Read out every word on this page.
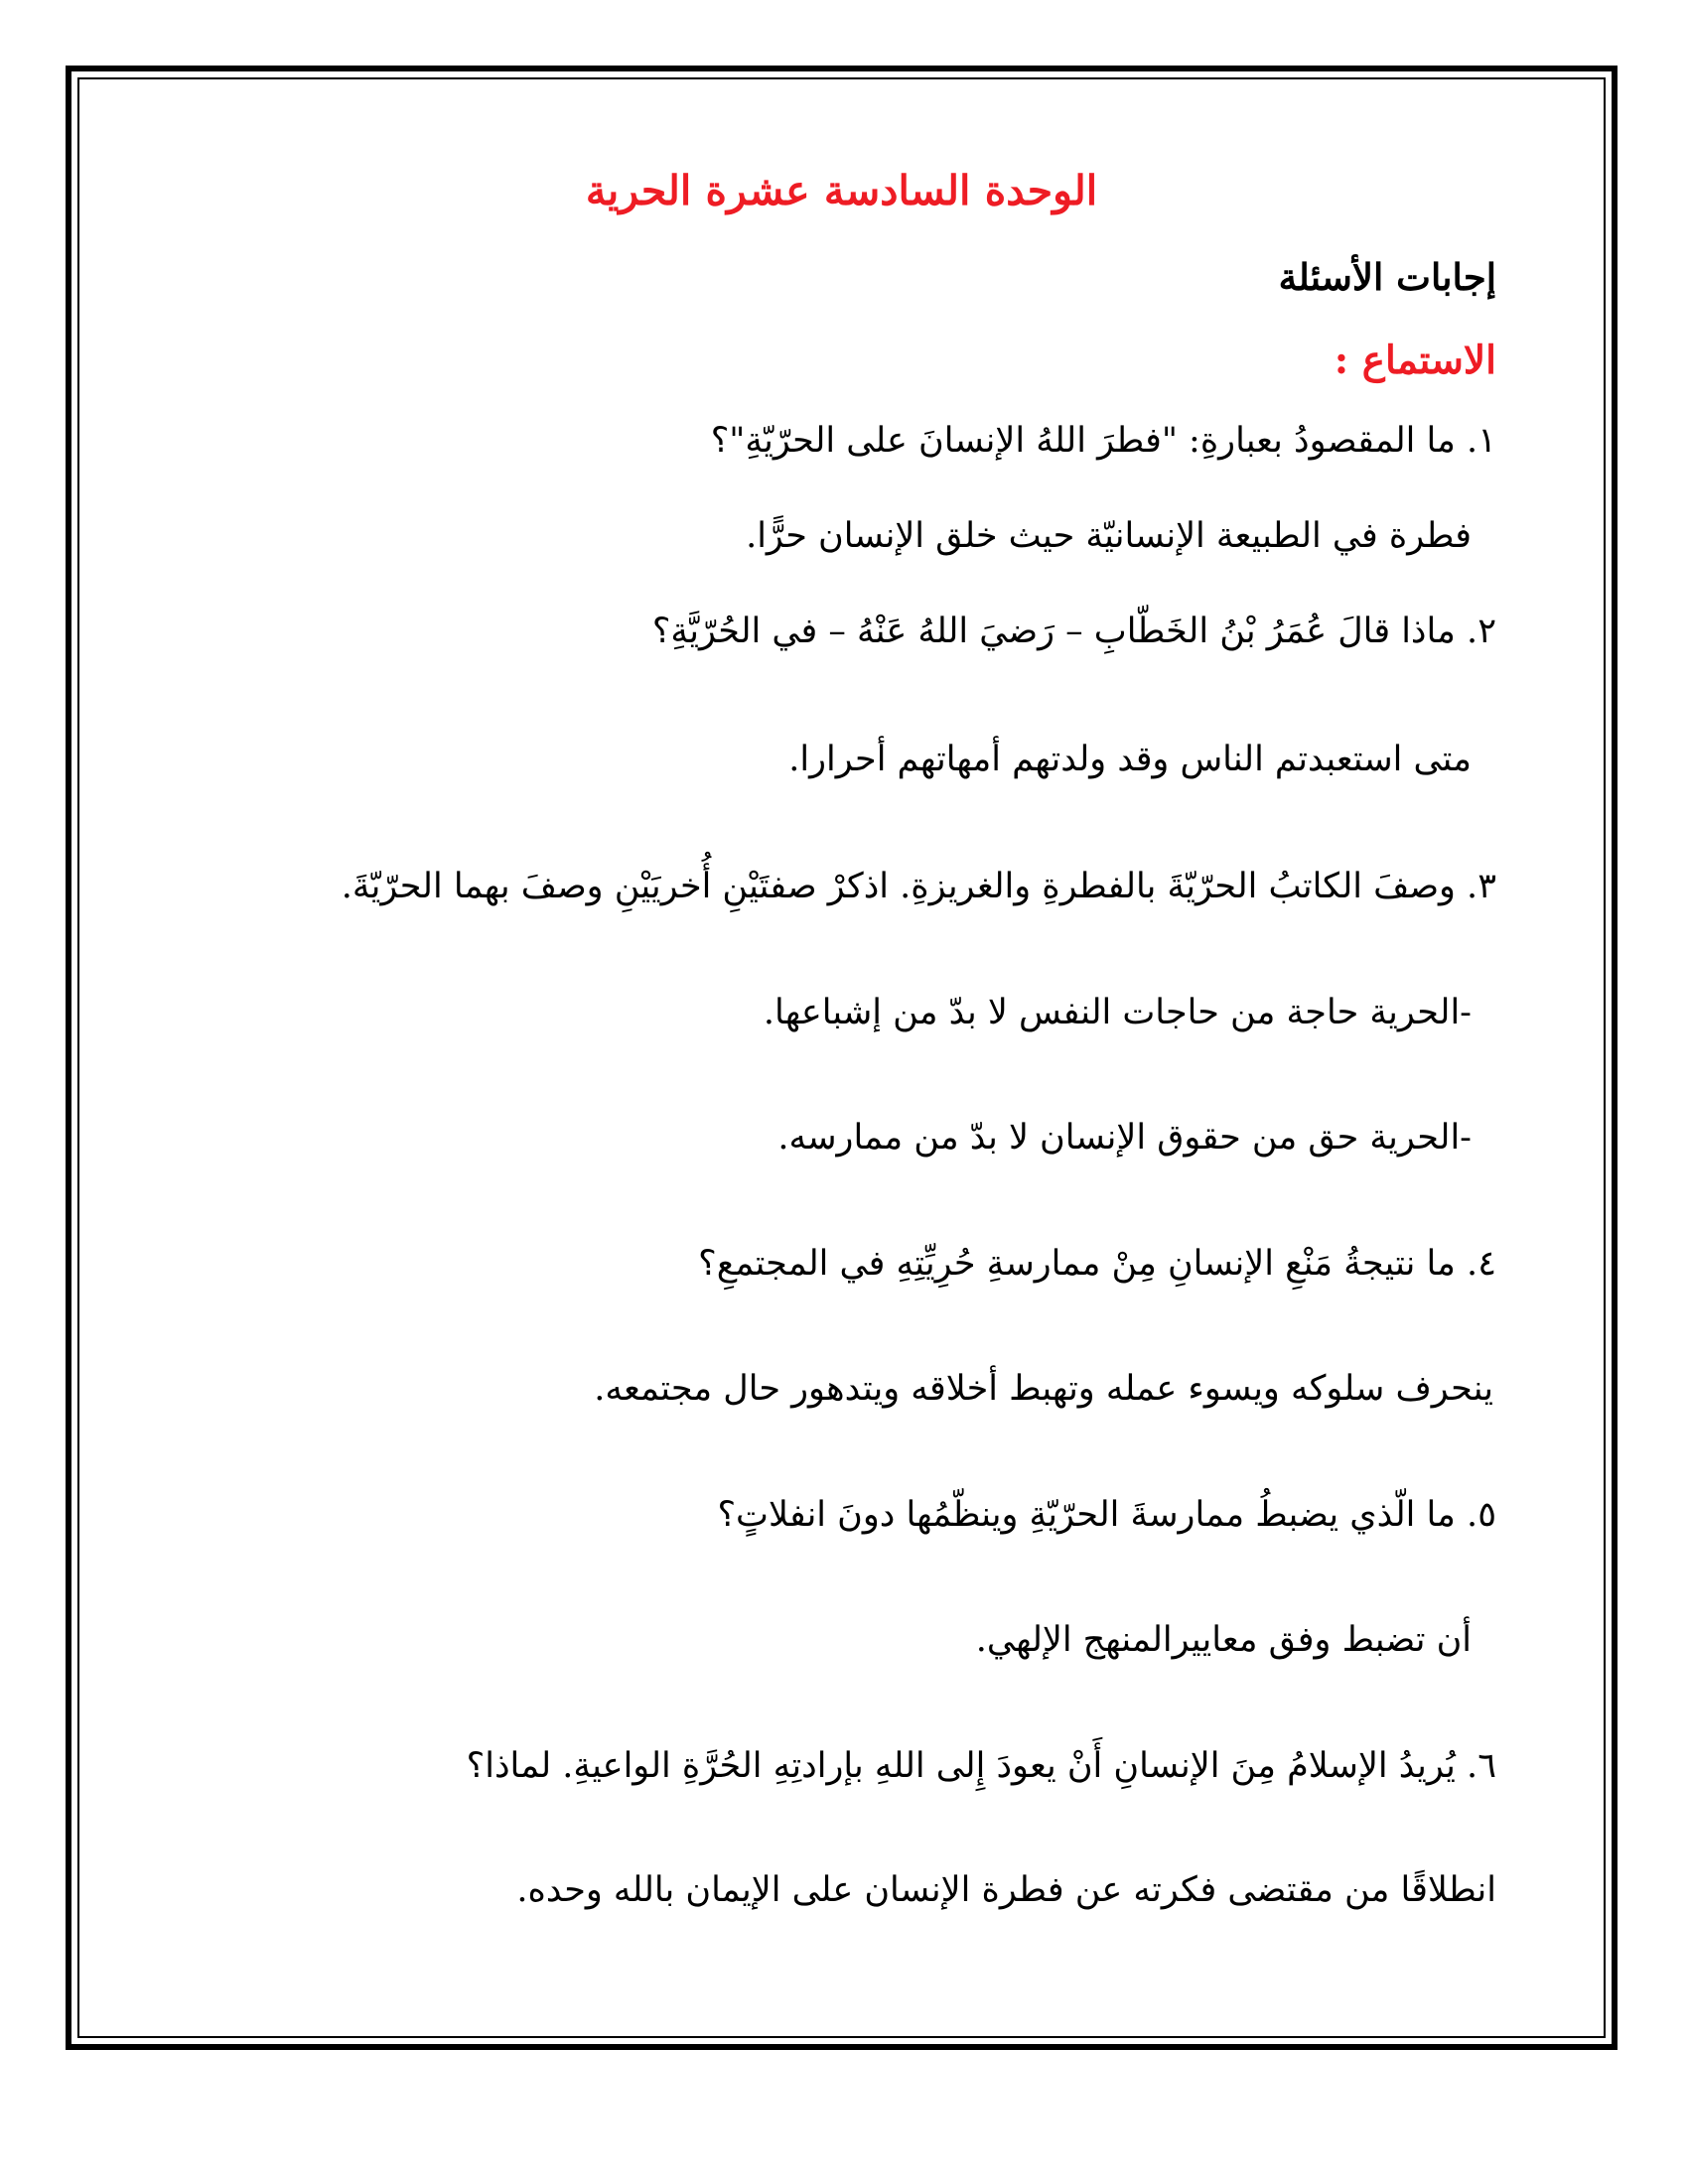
الوحدة السادسة عشرة الحرية
إجابات الأسئلة
الاستماع :
١. ما المقصودُ بعبارةِ: "فطرَ اللهُ الإنسانَ على الحرّيّةِ"؟
فطرة في الطبيعة الإنسانيّة حيث خلق الإنسان حرًّا.
٢. ماذا قالَ عُمَرُ بْنُ الخَطّابِ – رَضيَ اللهُ عَنْهُ – في الحُرّيَّةِ؟
متى استعبدتم الناس وقد ولدتهم أمهاتهم أحرارا.
٣. وصفَ الكاتبُ الحرّيّةَ بالفطرةِ والغريزةِ. اذكرْ صفتَيْنِ أُخريَيْنِ وصفَ بهما الحرّيّةَ.
-الحرية حاجة من حاجات النفس لا بدّ من إشباعها.
-الحرية حق من حقوق الإنسان لا بدّ من ممارسه.
٤. ما نتيجةُ مَنْعِ الإنسانِ مِنْ ممارسةِ حُرِيِّتِهِ في المجتمعِ؟
ينحرف سلوكه ويسوء عمله وتهبط أخلاقه ويتدهور حال مجتمعه.
٥. ما الّذي يضبطُ ممارسةَ الحرّيّةِ وينظّمُها دونَ انفلاتٍ؟
أن تضبط وفق معاييرالمنهج الإلهي.
٦. يُريدُ الإسلامُ مِنَ الإنسانِ أَنْ يعودَ إِلى اللهِ بإرادتِهِ الحُرَّةِ الواعيةِ. لماذا؟
انطلاقًا من مقتضى فكرته عن فطرة الإنسان على الإيمان بالله وحده.
